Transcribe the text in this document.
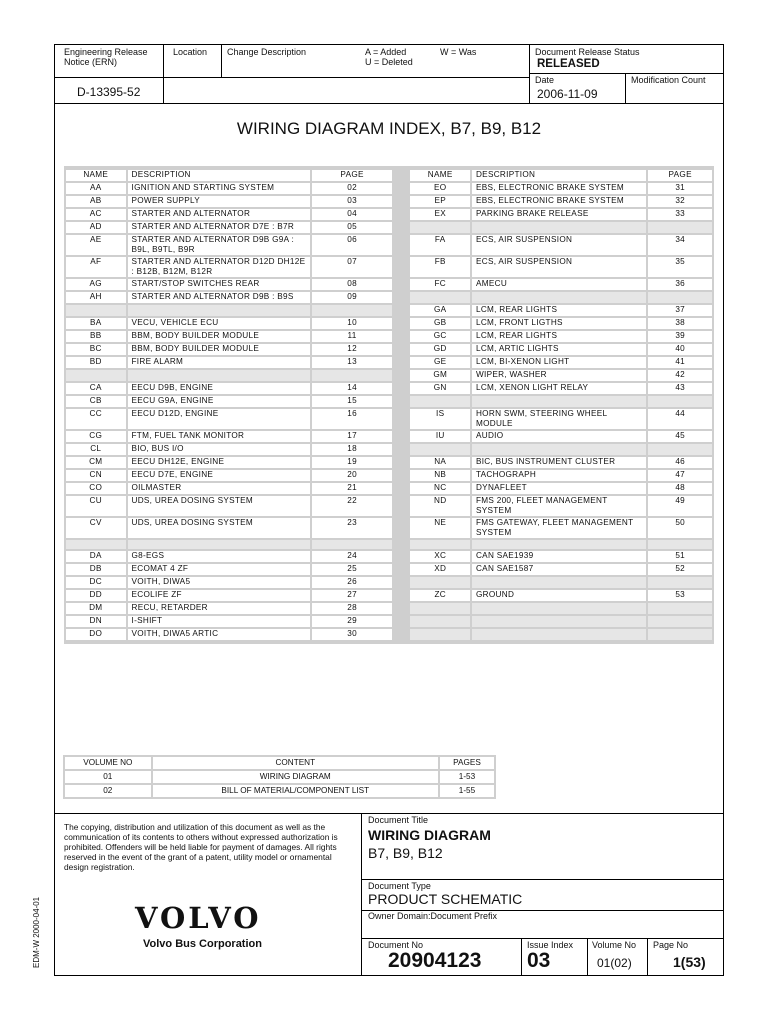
Engineering Release Notice (ERN)
Location Change Description	A = Added	W = Was
U = Deleted
Document Release Status
RELEASED
D-13395-52
Date
2006-11-09
Modification Count
WIRING DIAGRAM INDEX, B7, B9, B12
NAME	DESCRIPTION	PAGE		NAME	DESCRIPTION	PAGE
AA	IGNITION AND STARTING SYSTEM	02		EO	EBS, ELECTRONIC BRAKE SYSTEM	31
AB	POWER SUPPLY	03		EP	EBS, ELECTRONIC BRAKE SYSTEM	32
AC	STARTER AND ALTERNATOR	04		EX	PARKING BRAKE RELEASE	33
AD	STARTER AND ALTERNATOR D7E : B7R	05				
AE	STARTER AND ALTERNATOR D9B G9A : B9L, B9TL, B9R	06		FA	ECS, AIR SUSPENSION	34
AF	STARTER AND ALTERNATOR D12D DH12E : B12B, B12M, B12R	07		FB	ECS, AIR SUSPENSION	35
AG	START/STOP SWITCHES REAR	08		FC	AMECU	36
AH	STARTER AND ALTERNATOR D9B : B9S	09				
				GA	LCM, REAR LIGHTS	37
BA	VECU, VEHICLE ECU	10		GB	LCM, FRONT LIGTHS	38
BB	BBM, BODY BUILDER MODULE	11		GC	LCM, REAR LIGHTS	39
BC	BBM, BODY BUILDER MODULE	12		GD	LCM, ARTIC LIGHTS	40
BD	FIRE ALARM	13		GE	LCM, BI-XENON LIGHT	41
				GM	WIPER, WASHER	42
CA	EECU D9B, ENGINE	14		GN	LCM, XENON LIGHT RELAY	43
CB	EECU G9A, ENGINE	15				
CC	EECU D12D, ENGINE	16		IS	HORN SWM, STEERING WHEEL MODULE	44
CG	FTM, FUEL TANK MONITOR	17		IU	AUDIO	45
CL	BIO, BUS I/O	18				
CM	EECU DH12E, ENGINE	19		NA	BIC, BUS INSTRUMENT CLUSTER	46
CN	EECU D7E, ENGINE	20		NB	TACHOGRAPH	47
CO	OILMASTER	21		NC	DYNAFLEET	48
CU	UDS, UREA DOSING SYSTEM	22		ND	FMS 200, FLEET MANAGEMENT SYSTEM	49
CV	UDS, UREA DOSING SYSTEM	23		NE	FMS GATEWAY, FLEET MANAGEMENT SYSTEM	50

DA	G8-EGS	24		XC	CAN SAE1939	51
DB	ECOMAT 4 ZF	25		XD	CAN SAE1587	52
DC	VOITH, DIWA5	26				
DD	ECOLIFE ZF	27		ZC	GROUND	53
DM	RECU, RETARDER	28				
DN	I-SHIFT	29				
DO	VOITH, DIWA5 ARTIC	30				
VOLUME NO	CONTENT	PAGES
01	WIRING DIAGRAM	1-53
02	BILL OF MATERIAL/COMPONENT LIST	1-55
The copying, distribution and utilization of this document as well as the communication of its contents to others without expressed authorization is prohibited. Offenders will be held liable for payment of damages. All rights reserved in the event of the grant of a patent, utility model or ornamental design registration.
Document Title
WIRING DIAGRAM
B7, B9, B12
Document Type
PRODUCT SCHEMATIC
Owner Domain:Document Prefix
Document No
20904123
Issue Index
03
Volume No
01(02)
Page No
1(53)
VOLVO
Volvo Bus Corporation
EDM-W 2000-04-01
